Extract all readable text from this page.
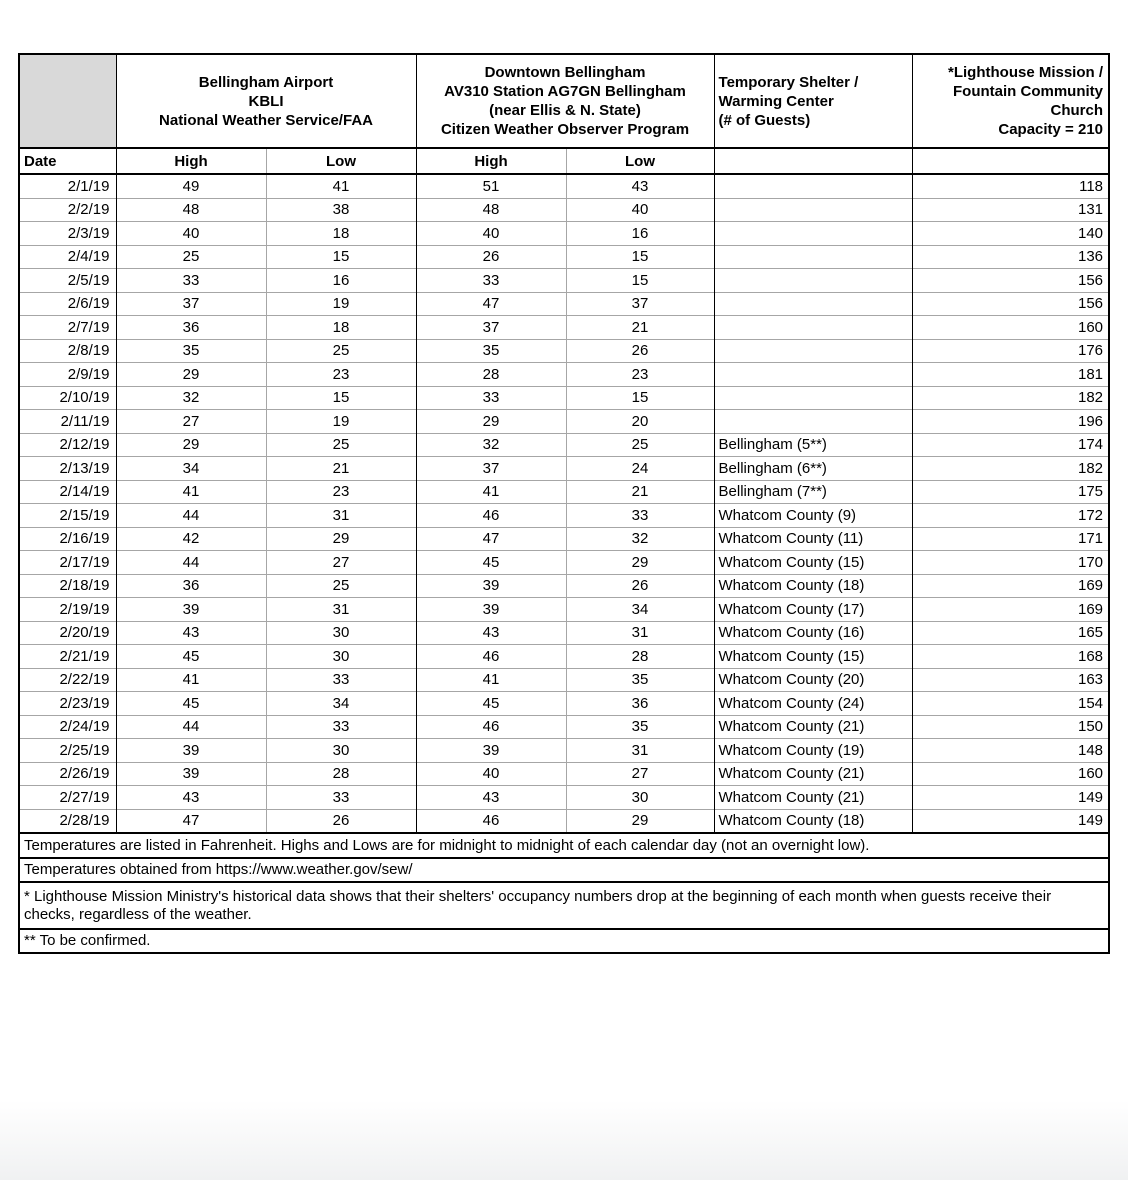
Bellingham Airport
KBLI
National Weather Service/FAA

Downtown Bellingham
AV310 Station AG7GN Bellingham
(near Ellis & N. State)
Citizen Weather Observer Program

Temporary Shelter /
Warming Center
(# of Guests)

*Lighthouse Mission /
Fountain Community
Church
Capacity = 210

Date	High	Low	High	Low		
2/1/19	49	41	51	43		118
2/2/19	48	38	48	40		131
2/3/19	40	18	40	16		140
2/4/19	25	15	26	15		136
2/5/19	33	16	33	15		156
2/6/19	37	19	47	37		156
2/7/19	36	18	37	21		160
2/8/19	35	25	35	26		176
2/9/19	29	23	28	23		181
2/10/19	32	15	33	15		182
2/11/19	27	19	29	20		196
2/12/19	29	25	32	25	Bellingham (5**)	174
2/13/19	34	21	37	24	Bellingham (6**)	182
2/14/19	41	23	41	21	Bellingham (7**)	175
2/15/19	44	31	46	33	Whatcom County (9)	172
2/16/19	42	29	47	32	Whatcom County (11)	171
2/17/19	44	27	45	29	Whatcom County (15)	170
2/18/19	36	25	39	26	Whatcom County (18)	169
2/19/19	39	31	39	34	Whatcom County (17)	169
2/20/19	43	30	43	31	Whatcom County (16)	165
2/21/19	45	30	46	28	Whatcom County (15)	168
2/22/19	41	33	41	35	Whatcom County (20)	163
2/23/19	45	34	45	36	Whatcom County (24)	154
2/24/19	44	33	46	35	Whatcom County (21)	150
2/25/19	39	30	39	31	Whatcom County (19)	148
2/26/19	39	28	40	27	Whatcom County (21)	160
2/27/19	43	33	43	30	Whatcom County (21)	149
2/28/19	47	26	46	29	Whatcom County (18)	149
Temperatures are listed in Fahrenheit. Highs and Lows are for midnight to midnight of each calendar day (not an overnight low).						
Temperatures obtained from https://www.weather.gov/sew/						
* Lighthouse Mission Ministry's historical data shows that their shelters' occupancy numbers drop at the beginning of each month when guests receive their checks, regardless of the weather.						
** To be confirmed.						
